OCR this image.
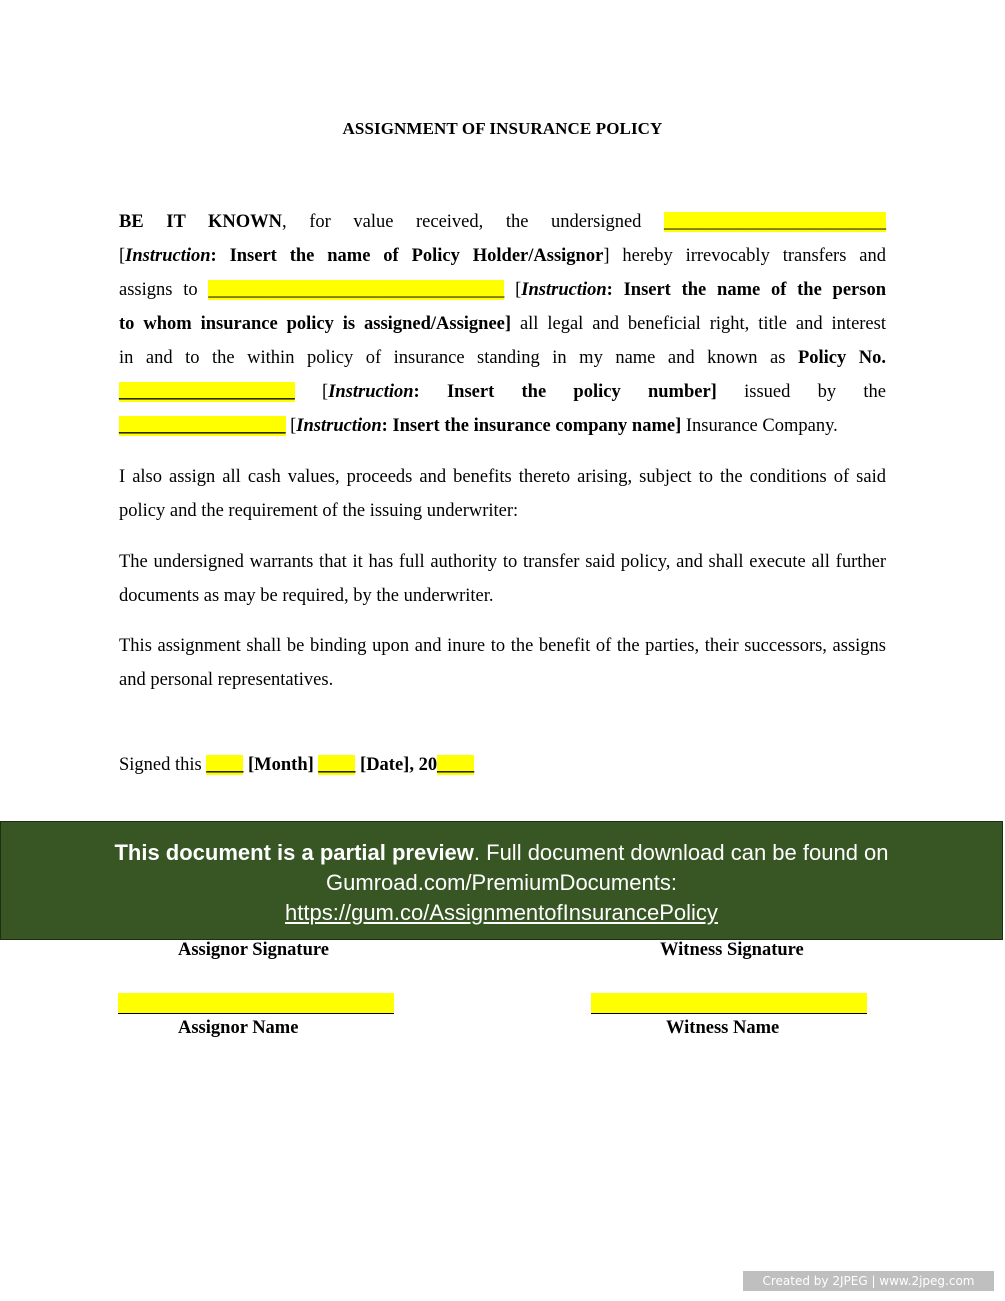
ASSIGNMENT OF INSURANCE POLICY
BE IT KNOWN, for value received, the undersigned ________________________
[Instruction: Insert the name of Policy Holder/Assignor] hereby irrevocably transfers and
assigns to ________________________________ [Instruction: Insert the name of the person
to whom insurance policy is assigned/Assignee] all legal and beneficial right, title and interest
in and to the within policy of insurance standing in my name and known as Policy No.
___________________ [Instruction: Insert the policy number] issued by the
__________________ [Instruction: Insert the insurance company name] Insurance Company.
I also assign all cash values, proceeds and benefits thereto arising, subject to the conditions of said policy and the requirement of the issuing underwriter:
The undersigned warrants that it has full authority to transfer said policy, and shall execute all further documents as may be required, by the underwriter.
This assignment shall be binding upon and inure to the benefit of the parties, their successors, assigns and personal representatives.
Signed this ____ [Month] ____ [Date], 20____
This document is a partial preview. Full document download can be found on
Gumroad.com/PremiumDocuments:
https://gum.co/AssignmentofInsurancePolicy
Assignor Signature	Witness Signature
Assignor Name	Witness Name
Created by 2JPEG | www.2jpeg.com
